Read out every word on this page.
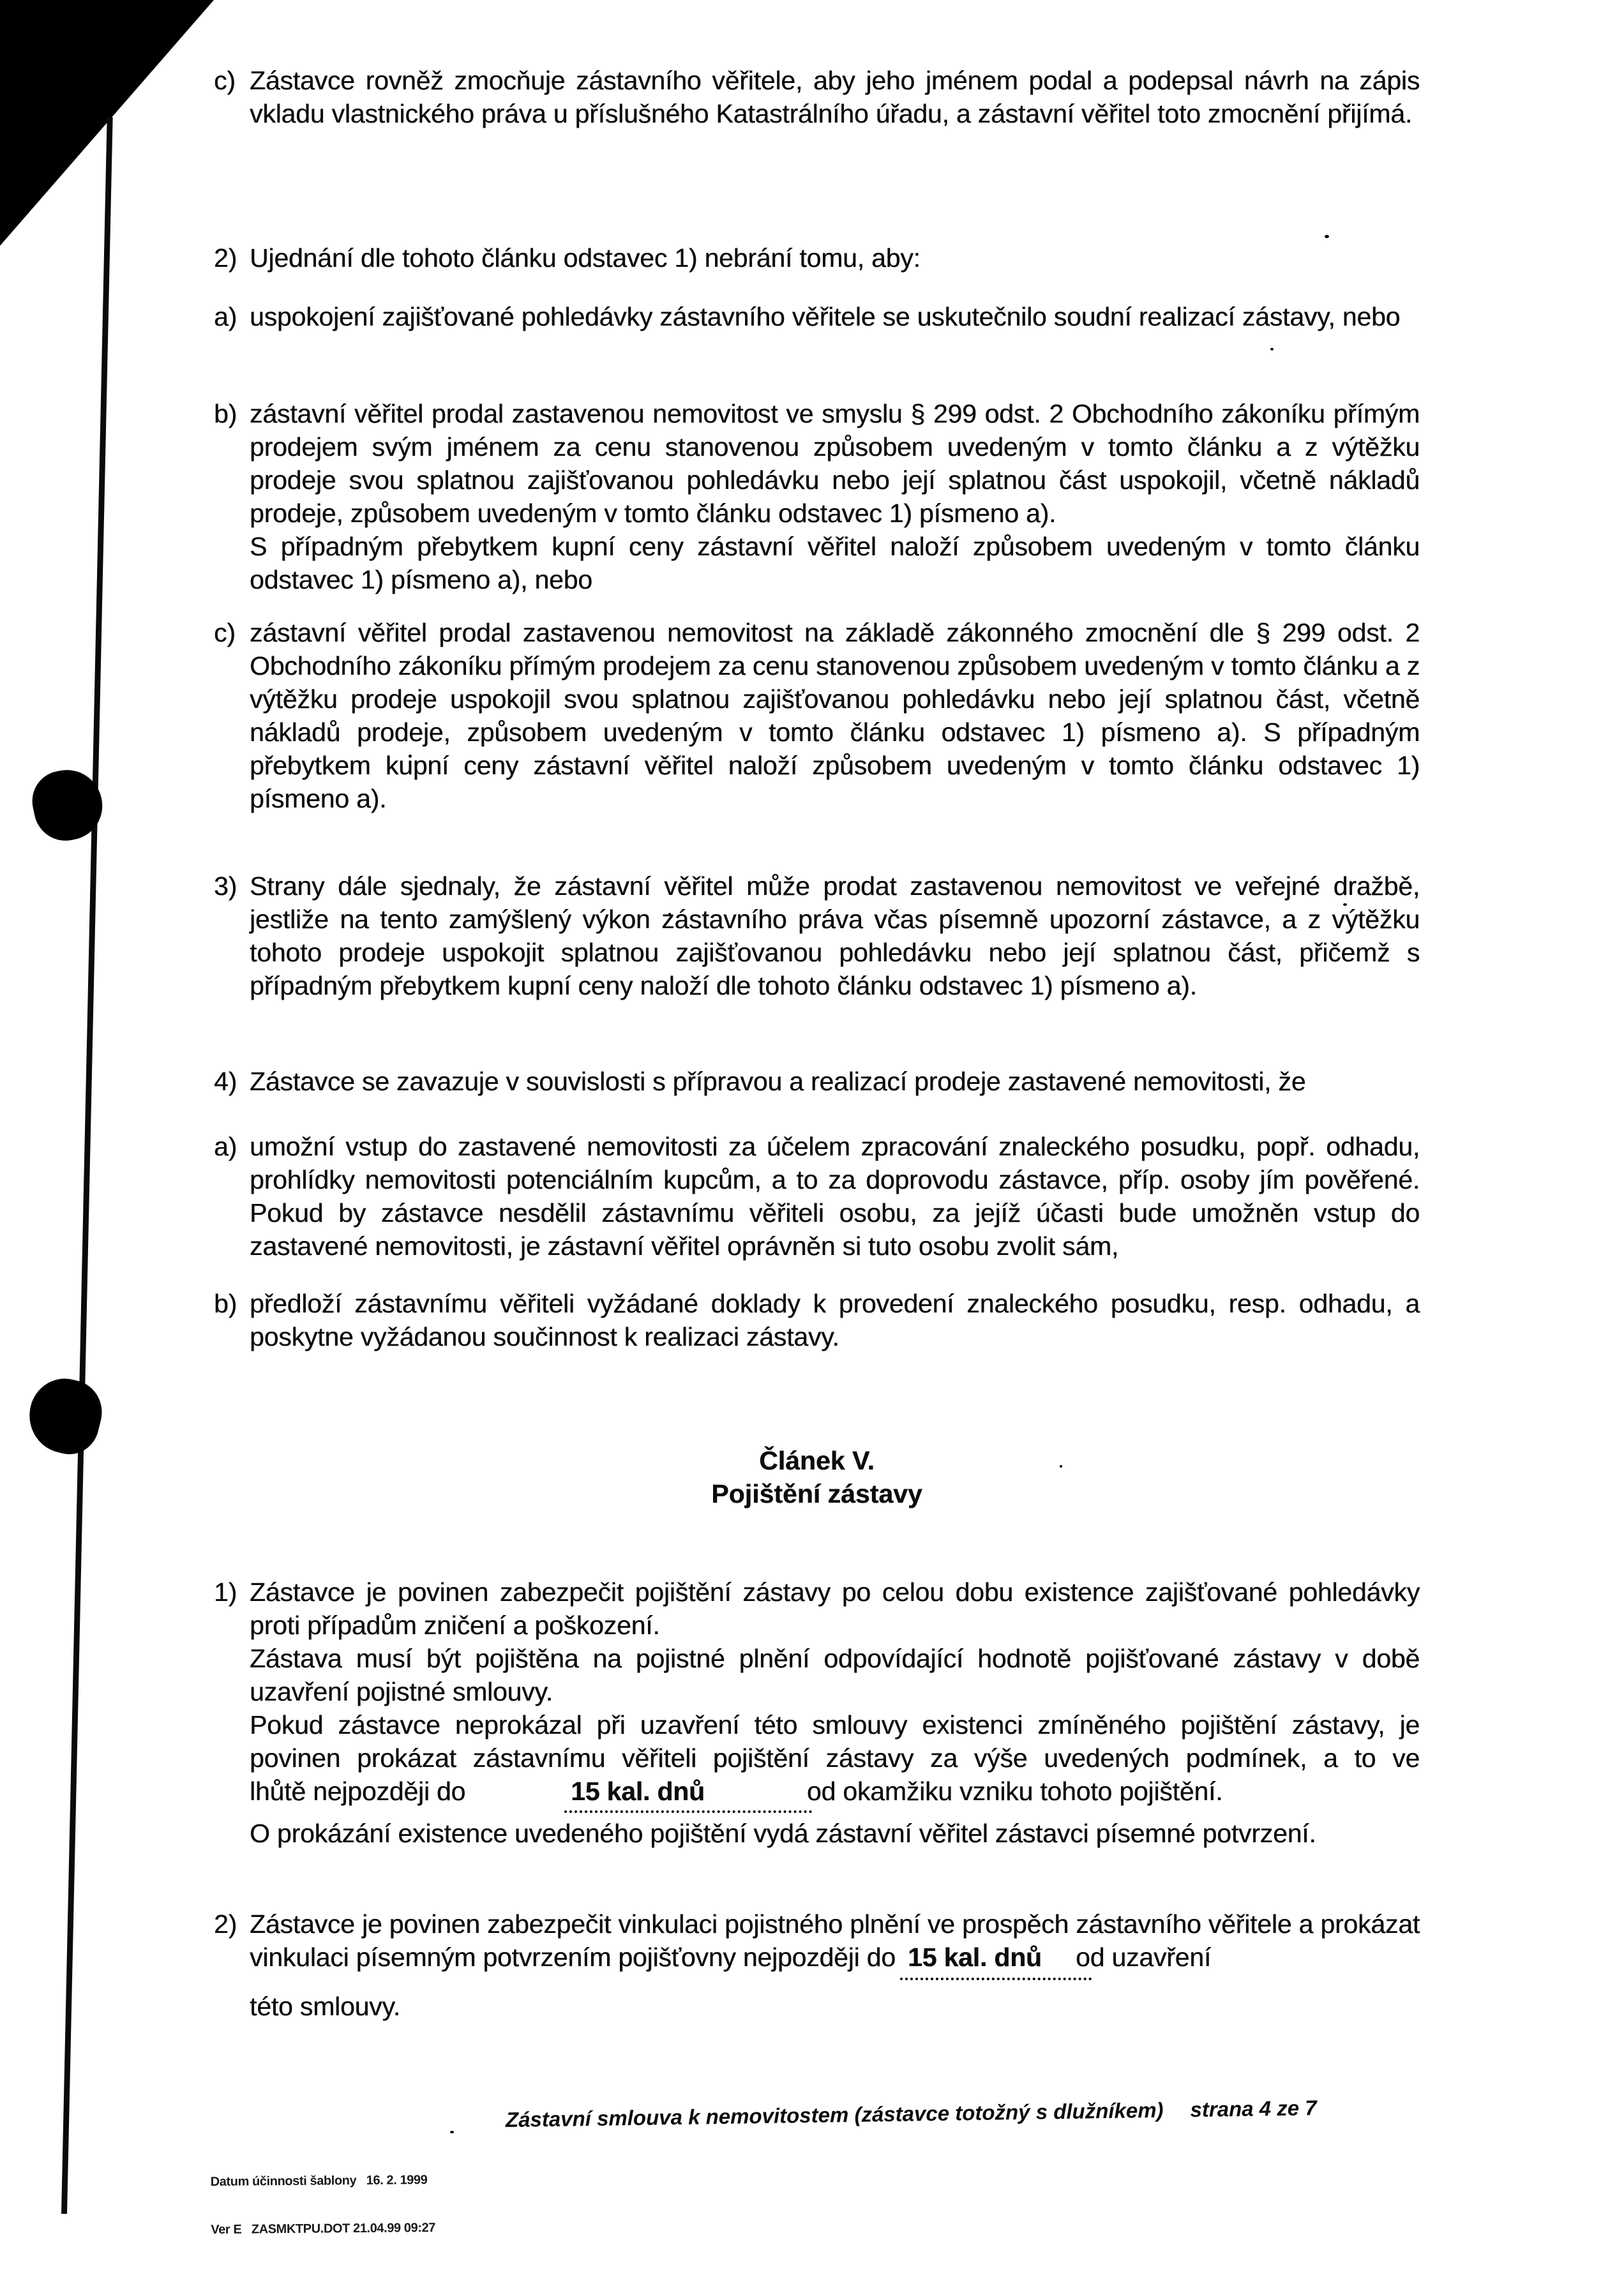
c) Zástavce rovněž zmocňuje zástavního věřitele, aby jeho jménem podal a podepsal návrh na zápis vkladu vlastnického práva u příslušného Katastrálního úřadu, a zástavní věřitel toto zmocnění přijímá.
2) Ujednání dle tohoto článku odstavec 1) nebrání tomu, aby:
a) uspokojení zajišťované pohledávky zástavního věřitele se uskutečnilo soudní realizací zástavy, nebo
b) zástavní věřitel prodal zastavenou nemovitost ve smyslu § 299 odst. 2 Obchodního zákoníku přímým prodejem svým jménem za cenu stanovenou způsobem uvedeným v tomto článku a z výtěžku prodeje svou splatnou zajišťovanou pohledávku nebo její splatnou část uspokojil, včetně nákladů prodeje, způsobem uvedeným v tomto článku odstavec 1) písmeno a).
S případným přebytkem kupní ceny zástavní věřitel naloží způsobem uvedeným v tomto článku odstavec 1) písmeno a), nebo
c) zástavní věřitel prodal zastavenou nemovitost na základě zákonného zmocnění dle § 299 odst. 2 Obchodního zákoníku přímým prodejem za cenu stanovenou způsobem uvedeným v tomto článku a z výtěžku prodeje uspokojil svou splatnou zajišťovanou pohledávku nebo její splatnou část, včetně nákladů prodeje, způsobem uvedeným v tomto článku odstavec 1) písmeno a). S případným přebytkem kupní ceny zástavní věřitel naloží způsobem uvedeným v tomto článku odstavec 1) písmeno a).
3) Strany dále sjednaly, že zástavní věřitel může prodat zastavenou nemovitost ve veřejné dražbě, jestliže na tento zamýšlený výkon zástavního práva včas písemně upozorní zástavce, a z výtěžku tohoto prodeje uspokojit splatnou zajišťovanou pohledávku nebo její splatnou část, přičemž s případným přebytkem kupní ceny naloží dle tohoto článku odstavec 1) písmeno a).
4) Zástavce se zavazuje v souvislosti s přípravou a realizací prodeje zastavené nemovitosti, že
a) umožní vstup do zastavené nemovitosti za účelem zpracování znaleckého posudku, popř. odhadu, prohlídky nemovitosti potenciálním kupcům, a to za doprovodu zástavce, příp. osoby jím pověřené. Pokud by zástavce nesdělil zástavnímu věřiteli osobu, za jejíž účasti bude umožněn vstup do zastavené nemovitosti, je zástavní věřitel oprávněn si tuto osobu zvolit sám,
b) předloží zástavnímu věřiteli vyžádané doklady k provedení znaleckého posudku, resp. odhadu, a poskytne vyžádanou součinnost k realizaci zástavy.
Článek V.
Pojištění zástavy
1) Zástavce je povinen zabezpečit pojištění zástavy po celou dobu existence zajišťované pohledávky proti případům zničení a poškození.
Zástava musí být pojištěna na pojistné plnění odpovídající hodnotě pojišťované zástavy v době uzavření pojistné smlouvy.
Pokud zástavce neprokázal při uzavření této smlouvy existenci zmíněného pojištění zástavy, je povinen prokázat zástavnímu věřiteli pojištění zástavy za výše uvedených podmínek, a to ve
lhůtě nejpozději do	15 kal. dnů	od okamžiku vzniku tohoto pojištění.
O prokázání existence uvedeného pojištění vydá zástavní věřitel zástavci písemné potvrzení.
2) Zástavce je povinen zabezpečit vinkulaci pojistného plnění ve prospěch zástavního věřitele a prokázat vinkulaci písemným potvrzením pojišťovny nejpozději do 15 kal. dnů od uzavření
této smlouvy.
Zástavní smlouva k nemovitostem (zástavce totožný s dlužníkem) strana 4 ze 7

Datum účinnosti šablony   16. 2. 1999

Ver E   ZASMKTPU.DOT 21.04.99 09:27
